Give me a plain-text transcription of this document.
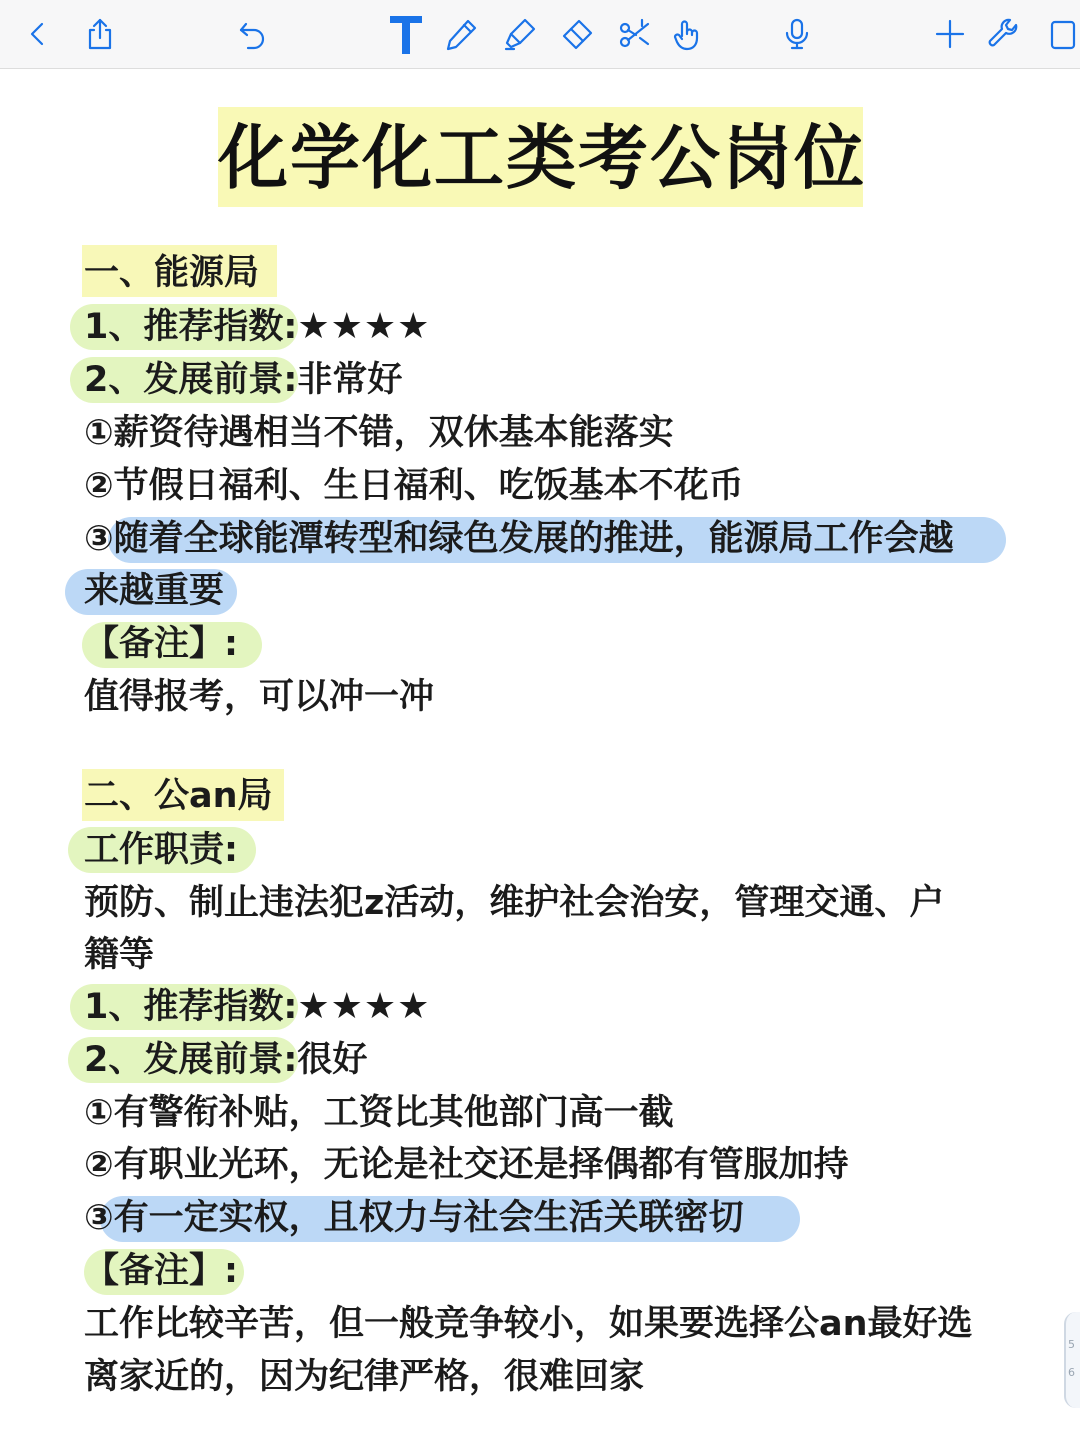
化学化工类考公岗位
一、能源局
1、推荐指数:★★★★
2、发展前景:非常好
①薪资待遇相当不错，双休基本能落实
②节假日福利、生日福利、吃饭基本不花币
③随着全球能潭转型和绿色发展的推进，能源局工作会越
来越重要
【备注】:
值得报考，可以冲一冲
二、公an局
工作职责:
预防、制止违法犯z活动，维护社会治安，管理交通、户
籍等
1、推荐指数:★★★★
2、发展前景:很好
①有警衔补贴，工资比其他部门高一截
②有职业光环，无论是社交还是择偶都有管服加持
③有一定实权，且权力与社会生活关联密切
【备注】:
工作比较辛苦，但一般竞争较小，如果要选择公an最好选
离家近的，因为纪律严格，很难回家
5
6
